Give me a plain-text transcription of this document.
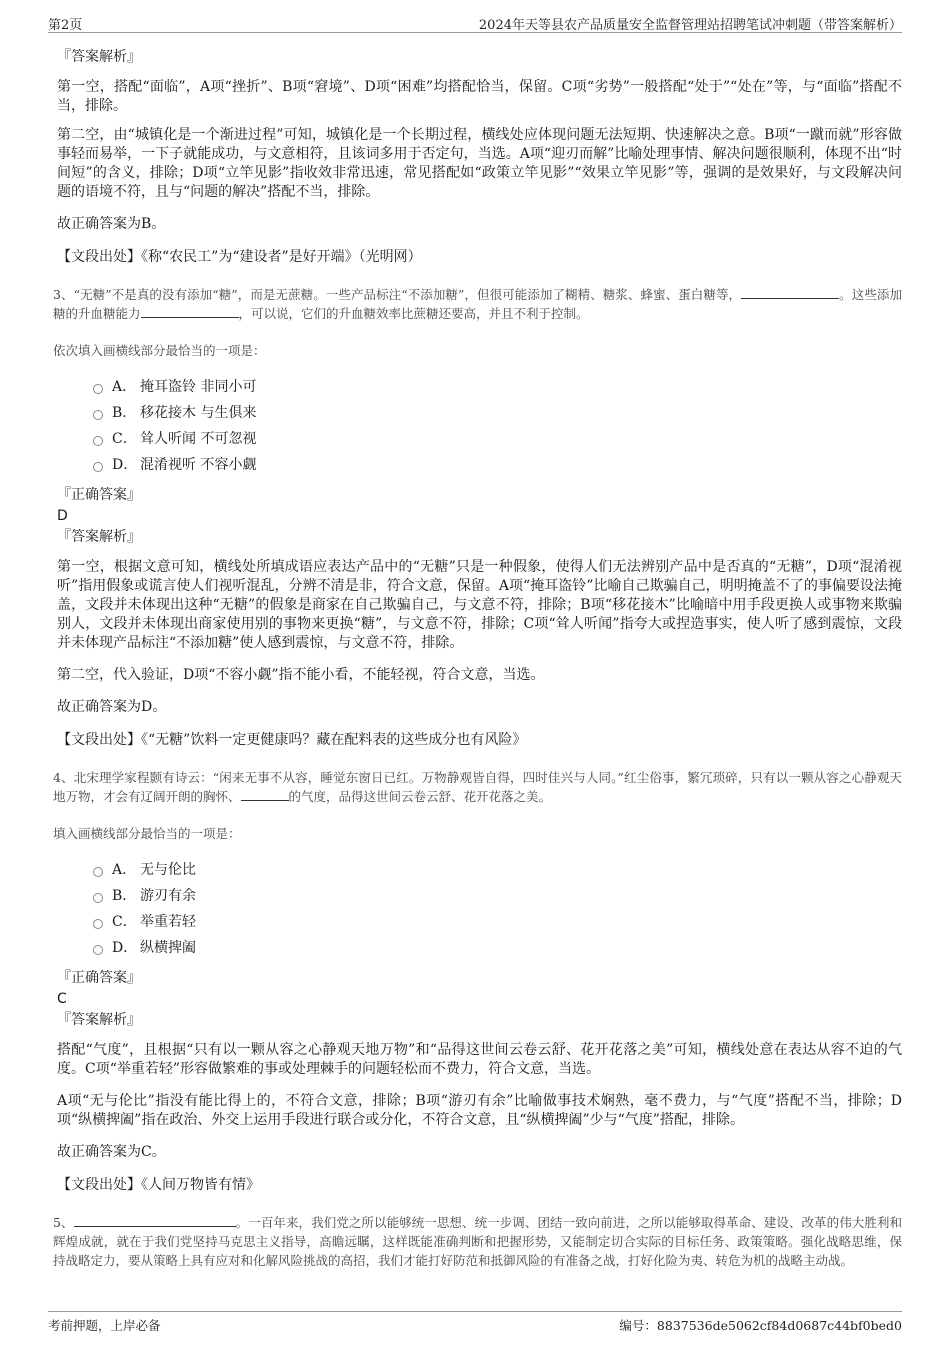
第2页	2024年天等县农产品质量安全监督管理站招聘笔试冲刺题（带答案解析）

『答案解析』

第一空，搭配“面临”，A项“挫折”、B项“窘境”、D项“困难”均搭配恰当，保留。C项“劣势”一般搭配“处于”“处在”等，与“面临”搭配不当，排除。

第二空，由“城镇化是一个渐进过程”可知，城镇化是一个长期过程，横线处应体现问题无法短期、快速解决之意。B项“一蹴而就”形容做事轻而易举，一下子就能成功，与文意相符，且该词多用于否定句，当选。A项“迎刃而解”比喻处理事情、解决问题很顺利，体现不出“时间短”的含义，排除；D项“立竿见影”指收效非常迅速，常见搭配如“政策立竿见影”“效果立竿见影”等，强调的是效果好，与文段解决问题的语境不符，且与“问题的解决”搭配不当，排除。

故正确答案为B。

【文段出处】《称“农民工”为“建设者”是好开端》（光明网）

3、“无糖”不是真的没有添加“糖”，而是无蔗糖。一些产品标注“不添加糖”，但很可能添加了糊精、糖浆、蜂蜜、蛋白糖等，	。这些添加糖的升血糖能力	，可以说，它们的升血糖效率比蔗糖还要高，并且不利于控制。

依次填入画横线部分最恰当的一项是：

A． 掩耳盗铃 非同小可
B． 移花接木 与生俱来
C． 耸人听闻 不可忽视
D． 混淆视听 不容小觑

『正确答案』

D

『答案解析』

第一空，根据文意可知，横线处所填成语应表达产品中的“无糖”只是一种假象，使得人们无法辨别产品中是否真的“无糖”，D项“混淆视听”指用假象或谎言使人们视听混乱，分辨不清是非，符合文意，保留。A项“掩耳盗铃”比喻自己欺骗自己，明明掩盖不了的事偏要设法掩盖，文段并未体现出这种“无糖”的假象是商家在自己欺骗自己，与文意不符，排除；B项“移花接木”比喻暗中用手段更换人或事物来欺骗别人，文段并未体现出商家使用别的事物来更换“糖”，与文意不符，排除；C项“耸人听闻”指夸大或捏造事实，使人听了感到震惊，文段并未体现产品标注“不添加糖”使人感到震惊，与文意不符，排除。

第二空，代入验证，D项“不容小觑”指不能小看，不能轻视，符合文意，当选。

故正确答案为D。

【文段出处】《“无糖”饮料一定更健康吗？藏在配料表的这些成分也有风险》

4、北宋理学家程颢有诗云：“闲来无事不从容，睡觉东窗日已红。万物静观皆自得，四时佳兴与人同。”红尘俗事，繁冗琐碎，只有以一颗从容之心静观天地万物，才会有辽阔开朗的胸怀、	的气度，品得这世间云卷云舒、花开花落之美。

填入画横线部分最恰当的一项是：

A． 无与伦比
B． 游刃有余
C． 举重若轻
D． 纵横捭阖

『正确答案』

C

『答案解析』

搭配“气度”，且根据“只有以一颗从容之心静观天地万物”和“品得这世间云卷云舒、花开花落之美”可知，横线处意在表达从容不迫的气度。C项“举重若轻”形容做繁难的事或处理棘手的问题轻松而不费力，符合文意，当选。

A项“无与伦比”指没有能比得上的，不符合文意，排除；B项“游刃有余”比喻做事技术娴熟，毫不费力，与“气度”搭配不当，排除；D项“纵横捭阖”指在政治、外交上运用手段进行联合或分化，不符合文意，且“纵横捭阖”少与“气度”搭配，排除。

故正确答案为C。

【文段出处】《人间万物皆有情》

5、	。一百年来，我们党之所以能够统一思想、统一步调、团结一致向前进，之所以能够取得革命、建设、改革的伟大胜利和辉煌成就，就在于我们党坚持马克思主义指导，高瞻远瞩，这样既能准确判断和把握形势，又能制定切合实际的目标任务、政策策略。强化战略思维，保持战略定力，要从策略上具有应对和化解风险挑战的高招，我们才能打好防范和抵御风险的有准备之战，打好化险为夷、转危为机的战略主动战。

考前押题，上岸必备	编号：8837536de5062cf84d0687c44bf0bed0
